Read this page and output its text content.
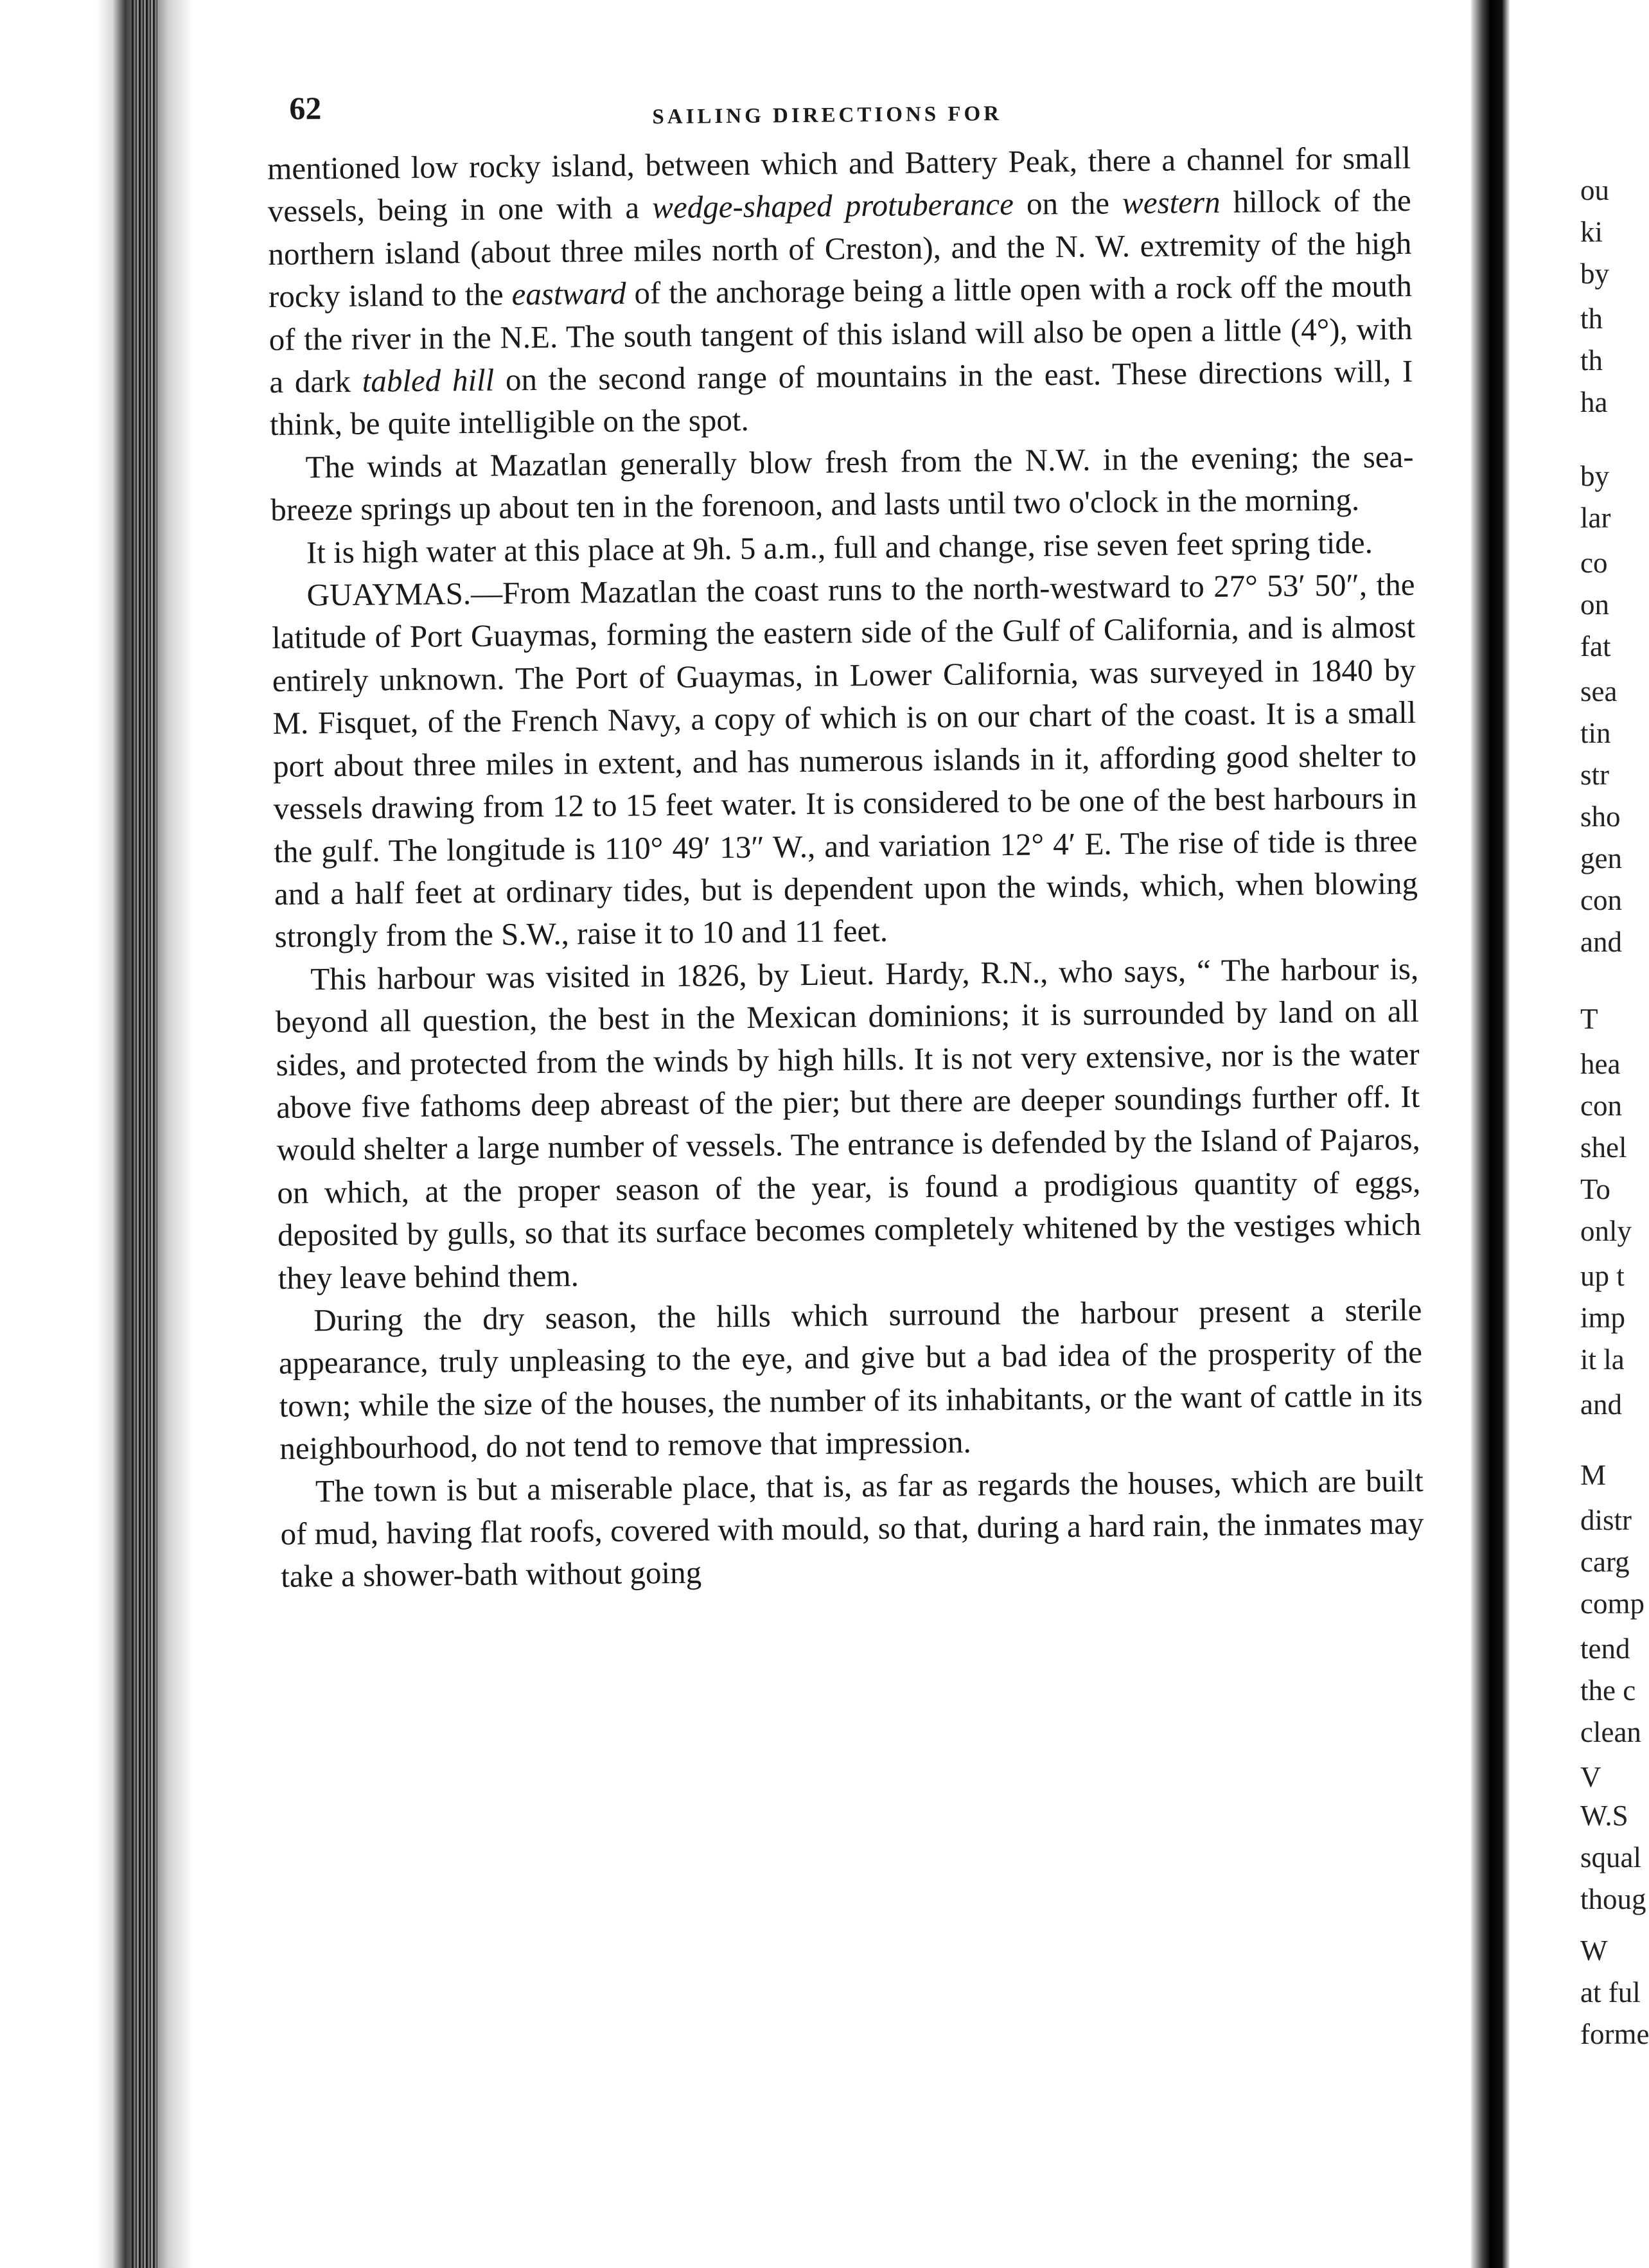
ou
ki
by
th
th
ha
by
lar
co
on
fat
sea
tin
str
sho
gen
con
and
T
hea
con
shel
To
only
up t
imp
it la
and
M
distr
carg
comp
tend
the c
clean
V
W.S
squal
thoug
W
at ful
forme
62	SAILING DIRECTIONS FOR

mentioned low rocky island, between which and Battery Peak, there a channel for small vessels, being in one with a wedge-shaped protuberance on the western hillock of the northern island (about three miles north of Creston), and the N. W. extremity of the high rocky island to the eastward of the anchorage being a little open with a rock off the mouth of the river in the N.E. The south tangent of this island will also be open a little (4°), with a dark tabled hill on the second range of mountains in the east. These directions will, I think, be quite intelligible on the spot.

The winds at Mazatlan generally blow fresh from the N.W. in the evening; the sea-breeze springs up about ten in the forenoon, and lasts until two o'clock in the morning.

It is high water at this place at 9h. 5 a.m., full and change, rise seven feet spring tide.

GUAYMAS.—From Mazatlan the coast runs to the north-westward to 27° 53′ 50″, the latitude of Port Guaymas, forming the eastern side of the Gulf of California, and is almost entirely unknown. The Port of Guaymas, in Lower California, was surveyed in 1840 by M. Fisquet, of the French Navy, a copy of which is on our chart of the coast. It is a small port about three miles in extent, and has numerous islands in it, affording good shelter to vessels drawing from 12 to 15 feet water. It is considered to be one of the best harbours in the gulf. The longitude is 110° 49′ 13″ W., and variation 12° 4′ E. The rise of tide is three and a half feet at ordinary tides, but is dependent upon the winds, which, when blowing strongly from the S.W., raise it to 10 and 11 feet.

This harbour was visited in 1826, by Lieut. Hardy, R.N., who says, “ The harbour is, beyond all question, the best in the Mexican dominions; it is surrounded by land on all sides, and protected from the winds by high hills. It is not very extensive, nor is the water above five fathoms deep abreast of the pier; but there are deeper soundings further off. It would shelter a large number of vessels. The entrance is defended by the Island of Pajaros, on which, at the proper season of the year, is found a prodigious quantity of eggs, deposited by gulls, so that its surface becomes completely whitened by the vestiges which they leave behind them.

During the dry season, the hills which surround the harbour present a sterile appearance, truly unpleasing to the eye, and give but a bad idea of the prosperity of the town; while the size of the houses, the number of its inhabitants, or the want of cattle in its neighbourhood, do not tend to remove that impression.

The town is but a miserable place, that is, as far as regards the houses, which are built of mud, having flat roofs, covered with mould, so that, during a hard rain, the inmates may take a shower-bath without going
